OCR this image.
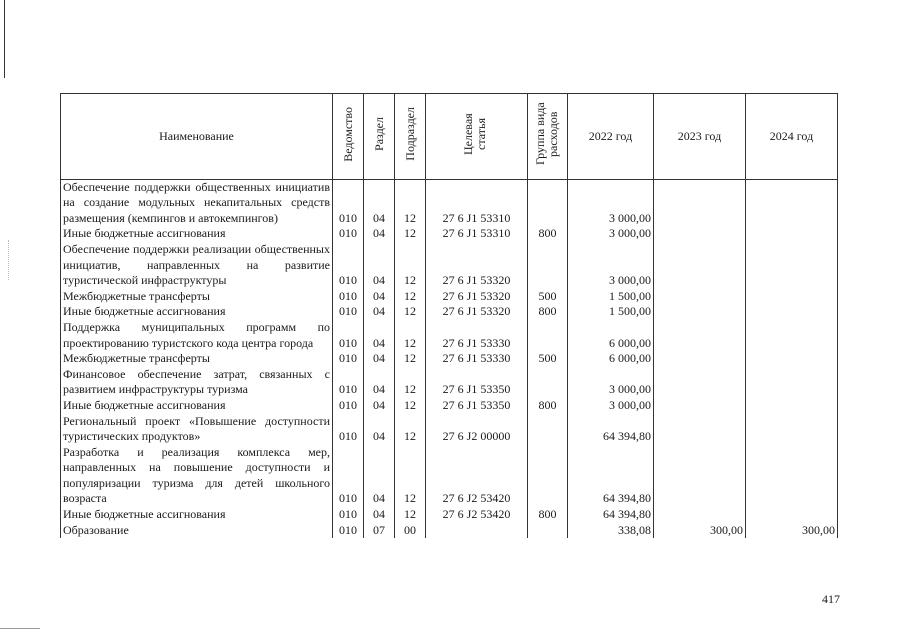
Наименование	Ведомство	Раздел	Подраздел	Целевая статья	Группа вида расходов	2022 год	2023 год	2024 год
Обеспечение поддержки общественных инициатив на создание модульных некапитальных средств размещения (кемпингов и автокемпингов)	010	04	12	27 6 J1 53310		3 000,00		
Иные бюджетные ассигнования	010	04	12	27 6 J1 53310	800	3 000,00		
Обеспечение поддержки реализации общественных инициатив, направленных на развитие туристической инфраструктуры	010	04	12	27 6 J1 53320		3 000,00		
Межбюджетные трансферты	010	04	12	27 6 J1 53320	500	1 500,00		
Иные бюджетные ассигнования	010	04	12	27 6 J1 53320	800	1 500,00		
Поддержка муниципальных программ по проектированию туристского кода центра города	010	04	12	27 6 J1 53330		6 000,00		
Межбюджетные трансферты	010	04	12	27 6 J1 53330	500	6 000,00		
Финансовое обеспечение затрат, связанных с развитием инфраструктуры туризма	010	04	12	27 6 J1 53350		3 000,00		
Иные бюджетные ассигнования	010	04	12	27 6 J1 53350	800	3 000,00		
Региональный проект «Повышение доступности туристических продуктов»	010	04	12	27 6 J2 00000		64 394,80		
Разработка и реализация комплекса мер, направленных на повышение доступности и популяризации туризма для детей школьного возраста	010	04	12	27 6 J2 53420		64 394,80		
Иные бюджетные ассигнования	010	04	12	27 6 J2 53420	800	64 394,80		
Образование	010	07	00			338,08	300,00	300,00
417
